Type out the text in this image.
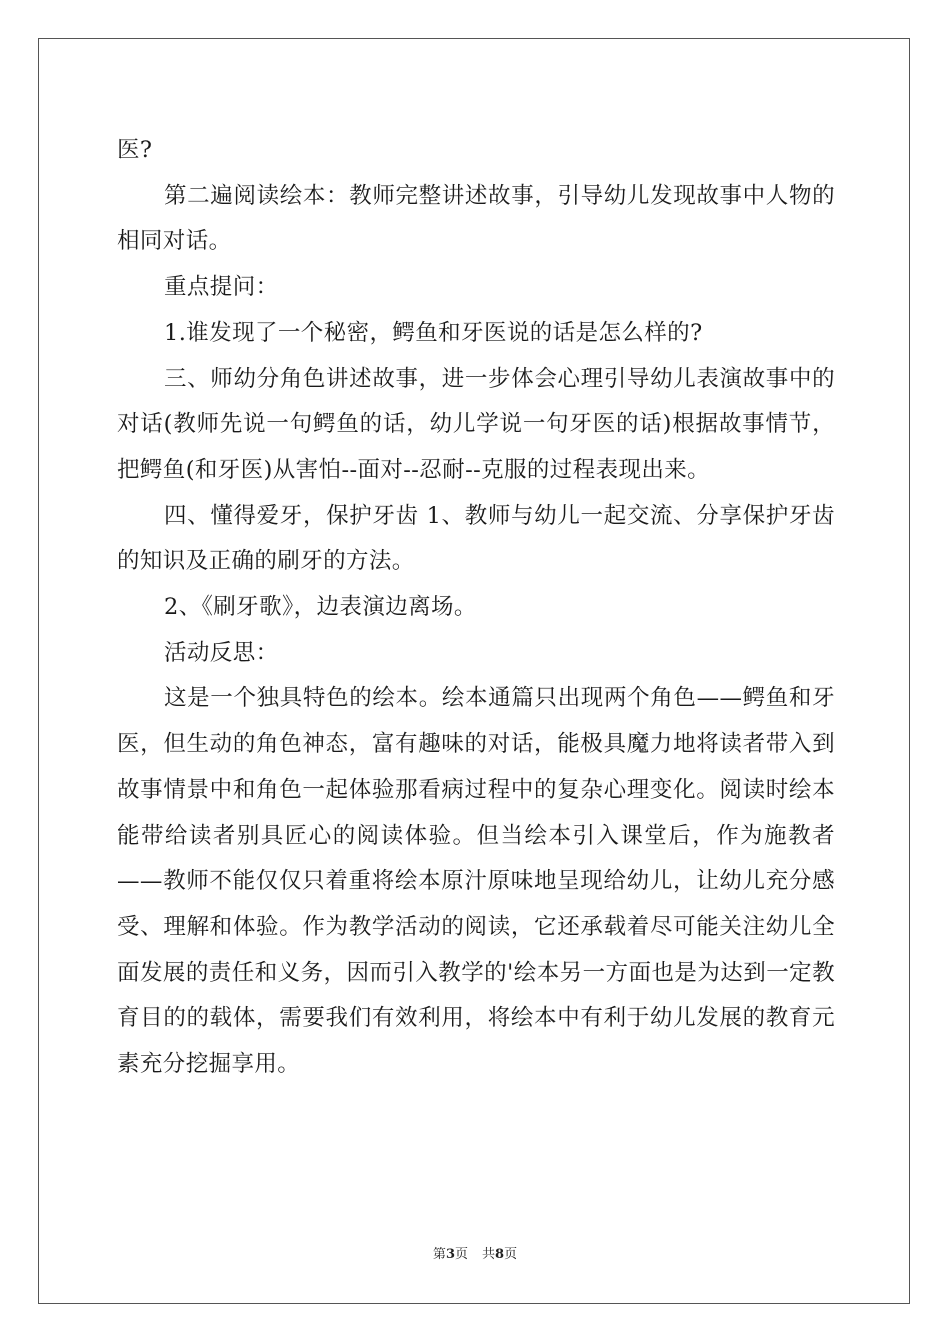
医?

第二遍阅读绘本：教师完整讲述故事，引导幼儿发现故事中人物的相同对话。

重点提问：

1.谁发现了一个秘密，鳄鱼和牙医说的话是怎么样的?

三、师幼分角色讲述故事，进一步体会心理引导幼儿表演故事中的对话(教师先说一句鳄鱼的话，幼儿学说一句牙医的话)根据故事情节，把鳄鱼(和牙医)从害怕--面对--忍耐--克服的过程表现出来。

四、懂得爱牙，保护牙齿 1、教师与幼儿一起交流、分享保护牙齿的知识及正确的刷牙的方法。

2、《刷牙歌》，边表演边离场。

活动反思：

这是一个独具特色的绘本。绘本通篇只出现两个角色——鳄鱼和牙医，但生动的角色神态，富有趣味的对话，能极具魔力地将读者带入到故事情景中和角色一起体验那看病过程中的复杂心理变化。阅读时绘本能带给读者别具匠心的阅读体验。但当绘本引入课堂后，作为施教者——教师不能仅仅只着重将绘本原汁原味地呈现给幼儿，让幼儿充分感受、理解和体验。作为教学活动的阅读，它还承载着尽可能关注幼儿全面发展的责任和义务，因而引入教学的'绘本另一方面也是为达到一定教育目的的载体，需要我们有效利用，将绘本中有利于幼儿发展的教育元素充分挖掘享用。

第3页 共8页
